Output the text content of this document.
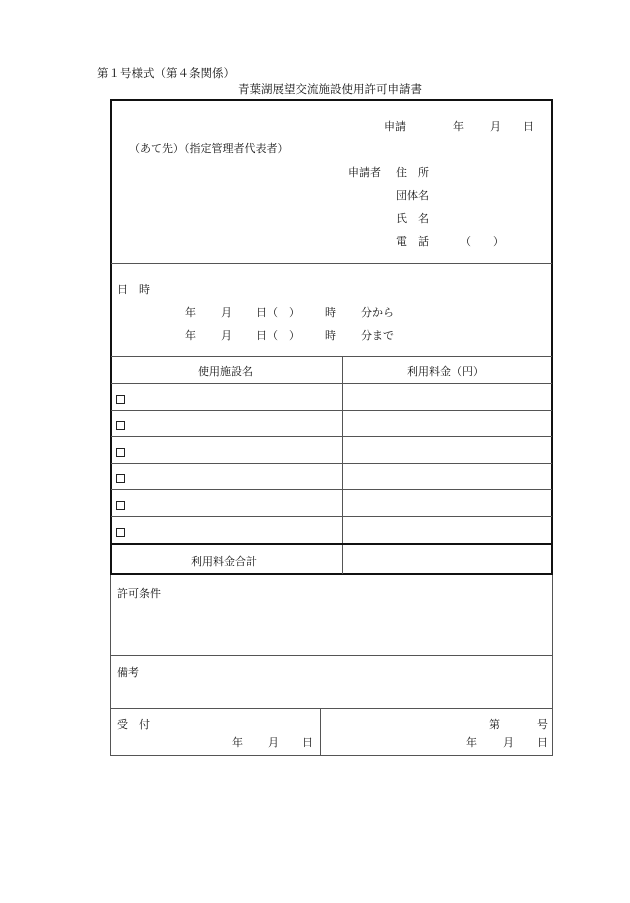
第１号様式（第４条関係）
青葉湖展望交流施設使用許可申請書
申請	年 月 日
（あて先）（指定管理者代表者）
申請者 住　所
団体名
氏　名
電　話	（　　）
日　時
年 月 日（　） 時 分から
年 月 日（　） 時 分まで
使用施設名	利用料金（円）
利用料金合計
許可条件
備考
受　付
年 月 日
第	号
年 月 日
